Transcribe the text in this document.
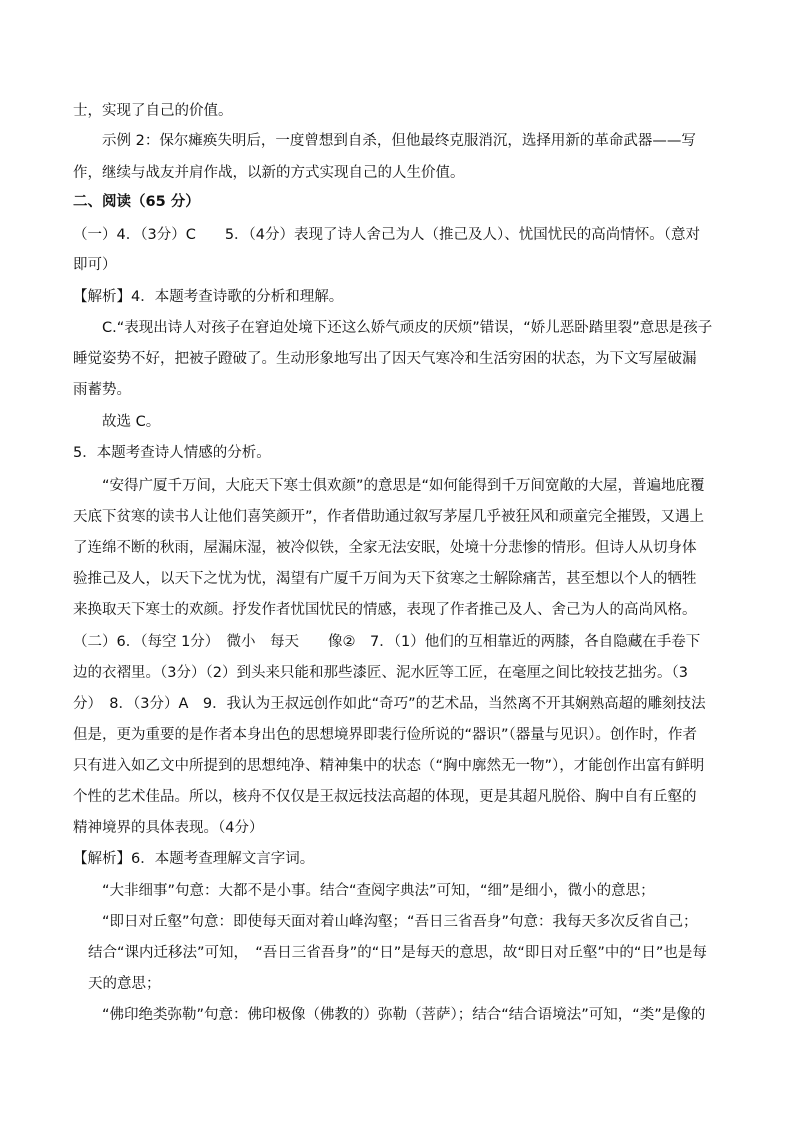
士，实现了自己的价值。
示例 2：保尔瘫痪失明后，一度曾想到自杀，但他最终克服消沉，选择用新的革命武器——写
作，继续与战友并肩作战，以新的方式实现自己的人生价值。
二、阅读（65 分）
（一）4．（3分）C　　5．（4分）表现了诗人舍己为人（推己及人）、忧国忧民的高尚情怀。（意对
即可）
【解析】4．本题考查诗歌的分析和理解。
C.“表现出诗人对孩子在窘迫处境下还这么娇气顽皮的厌烦”错误，“娇儿恶卧踏里裂”意思是孩子
睡觉姿势不好，把被子蹬破了。生动形象地写出了因天气寒冷和生活穷困的状态，为下文写屋破漏
雨蓄势。
故选 C。
5．本题考查诗人情感的分析。
“安得广厦千万间，大庇天下寒士俱欢颜”的意思是“如何能得到千万间宽敞的大屋，普遍地庇覆
天底下贫寒的读书人让他们喜笑颜开”，作者借助通过叙写茅屋几乎被狂风和顽童完全摧毁，又遇上
了连绵不断的秋雨，屋漏床湿，被冷似铁，全家无法安眠，处境十分悲惨的情形。但诗人从切身体
验推己及人，以天下之忧为忧，渴望有广厦千万间为天下贫寒之士解除痛苦，甚至想以个人的牺牲
来换取天下寒士的欢颜。抒发作者忧国忧民的情感，表现了作者推己及人、舍己为人的高尚风格。
（二）6．（每空 1分）　微小　每天　　像②　7．（1）他们的互相靠近的两膝，各自隐藏在手卷下
边的衣褶里。（3分）（2）到头来只能和那些漆匠、泥水匠等工匠，在毫厘之间比较技艺拙劣。（3
分）　8．（3分）A　9．我认为王叔远创作如此“奇巧”的艺术品，当然离不开其娴熟高超的雕刻技法
但是，更为重要的是作者本身出色的思想境界即裴行俭所说的“器识”（器量与见识）。创作时，作者
只有进入如乙文中所提到的思想纯净、精神集中的状态（“胸中廓然无一物”），才能创作出富有鲜明
个性的艺术佳品。所以，核舟不仅仅是王叔远技法高超的体现，更是其超凡脱俗、胸中自有丘壑的
精神境界的具体表现。（4分）
【解析】6．本题考查理解文言字词。
“大非细事”句意：大都不是小事。结合“查阅字典法”可知，“细”是细小，微小的意思；
“即日对丘壑”句意：即使每天面对着山峰沟壑；“吾日三省吾身”句意：我每天多次反省自己；
结合“课内迁移法”可知，　“吾日三省吾身”的“日”是每天的意思，故“即日对丘壑”中的“日”也是每
天的意思；
“佛印绝类弥勒”句意：佛印极像（佛教的）弥勒（菩萨）；结合“结合语境法”可知，“类”是像的
